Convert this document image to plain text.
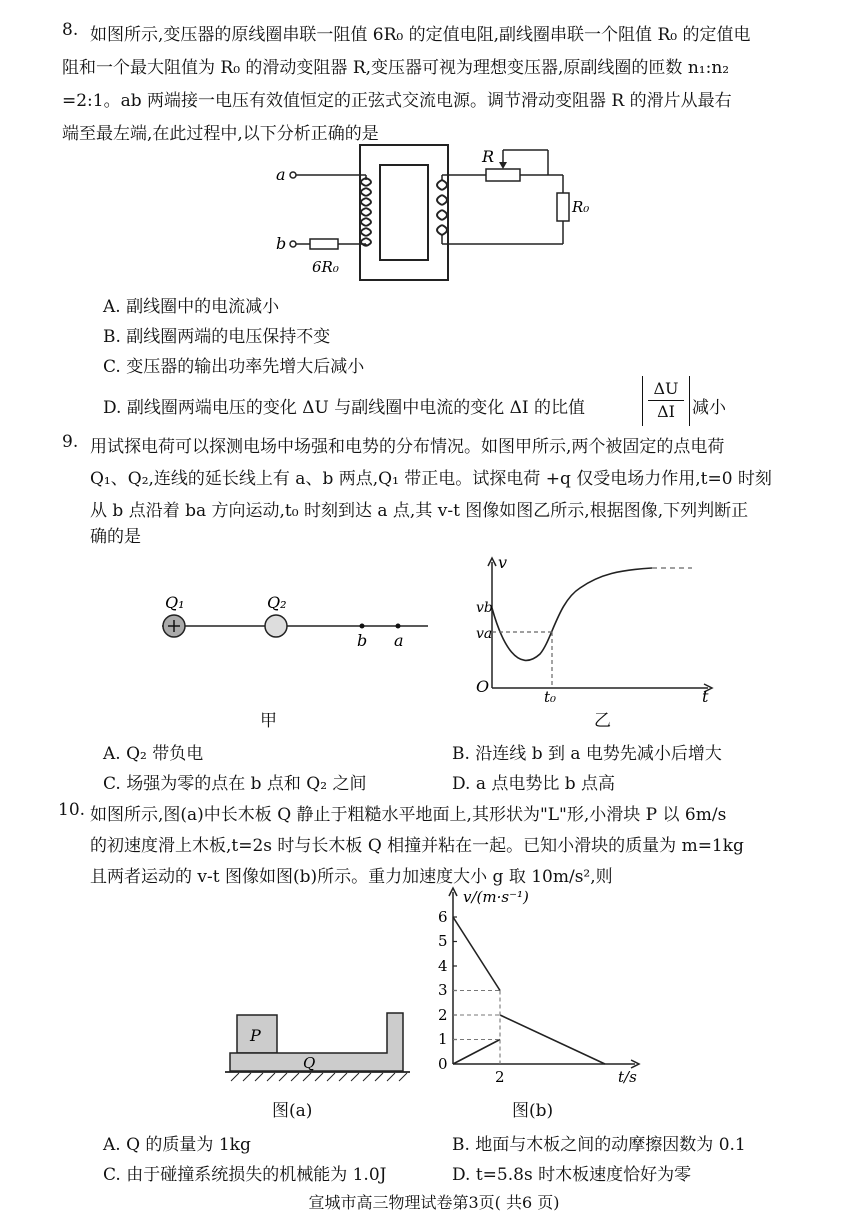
8. 如图所示,变压器的原线圈串联一阻值 6R₀ 的定值电阻,副线圈串联一个阻值 R₀ 的定值电
阻和一个最大阻值为 R₀ 的滑动变阻器 R,变压器可视为理想变压器,原副线圈的匝数 n₁:n₂
=2:1。ab 两端接一电压有效值恒定的正弦式交流电源。调节滑动变阻器 R 的滑片从最右
端至最左端,在此过程中,以下分析正确的是
a
b
R
R₀
6R₀
A. 副线圈中的电流减小
B. 副线圈两端的电压保持不变
C. 变压器的输出功率先增大后减小
D. 副线圈两端电压的变化 ΔU 与副线圈中电流的变化 ΔI 的比值	$\frac{\Delta U}{\Delta I}$ 减小
9. 用试探电荷可以探测电场中场强和电势的分布情况。如图甲所示,两个被固定的点电荷
Q₁、Q₂,连线的延长线上有 a、b 两点,Q₁ 带正电。试探电荷 +q 仅受电场力作用,t=0 时刻
从 b 点沿着 ba 方向运动,t₀ 时刻到达 a 点,其 v-t 图像如图乙所示,根据图像,下列判断正
确的是
Q₁	Q₂
b a
甲
v
vb
va
O
t₀	t
乙
A. Q₂ 带负电	B. 沿连线 b 到 a 电势先减小后增大
C. 场强为零的点在 b 点和 Q₂ 之间	D. a 点电势比 b 点高
10. 如图所示,图(a)中长木板 Q 静止于粗糙水平地面上,其形状为"L"形,小滑块 P 以 6m/s
的初速度滑上木板,t=2s 时与长木板 Q 相撞并粘在一起。已知小滑块的质量为 m=1kg
且两者运动的 v-t 图像如图(b)所示。重力加速度大小 g 取 10m/s²,则
P
Q
图(a)
0
1
2
3
4
5
6
2
v/(m·s⁻¹)
t/s
图(b)
A. Q 的质量为 1kg	B. 地面与木板之间的动摩擦因数为 0.1
C. 由于碰撞系统损失的机械能为 1.0J	D. t=5.8s 时木板速度恰好为零
宣城市高三物理试卷第3页( 共6 页)
